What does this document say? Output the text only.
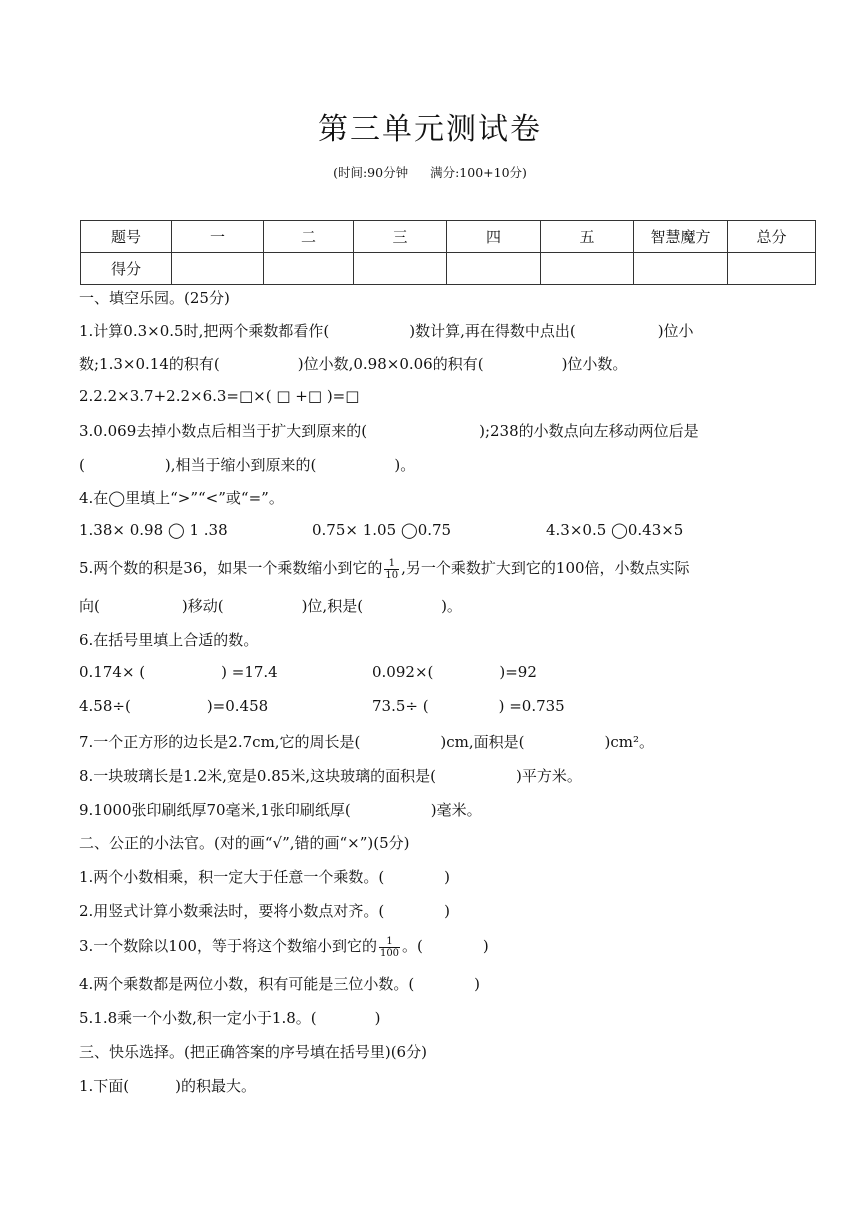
第三单元测试卷
(时间:90分钟 满分:100+10分)
题号	一	二	三	四	五	智慧魔方	总分
得分							
一、填空乐园。(25分)
1.计算0.3×0.5时,把两个乘数都看作(	)数计算,再在得数中点出(	)位小
数;1.3×0.14的积有(	)位小数,0.98×0.06的积有(	)位小数。
2.2.2×3.7+2.2×6.3=□×( □ +□ )=□
3.0.069去掉小数点后相当于扩大到原来的(	);238的小数点向左移动两位后是
(	),相当于缩小到原来的(	)。
4.在◯里填上“>”“<”或“=”。
1.38× 0.98 ◯ 1 .38	0.75× 1.05 ◯0.75	4.3×0.5 ◯0.43×5
5.两个数的积是36，如果一个乘数缩小到它的 $\frac{1}{10}$ ,另一个乘数扩大到它的100倍，小数点实际
向(	)移动(	)位,积是(	)。
6.在括号里填上合适的数。
0.174× (	) =17.4	0.092×(	)=92
4.58÷(	)=0.458	73.5÷ (	) =0.735
7.一个正方形的边长是2.7cm,它的周长是(	)cm,面积是(	)cm²。
8.一块玻璃长是1.2米,宽是0.85米,这块玻璃的面积是(	)平方米。
9.1000张印刷纸厚70毫米,1张印刷纸厚(	)毫米。
二、公正的小法官。(对的画“√”,错的画“×”)(5分)
1.两个小数相乘，积一定大于任意一个乘数。(	)
2.用竖式计算小数乘法时，要将小数点对齐。(	)
3.一个数除以100，等于将这个数缩小到它的 $\frac{1}{100}$ 。(	)
4.两个乘数都是两位小数，积有可能是三位小数。(	)
5.1.8乘一个小数,积一定小于1.8。(	)
三、快乐选择。(把正确答案的序号填在括号里)(6分)
1.下面(	)的积最大。
